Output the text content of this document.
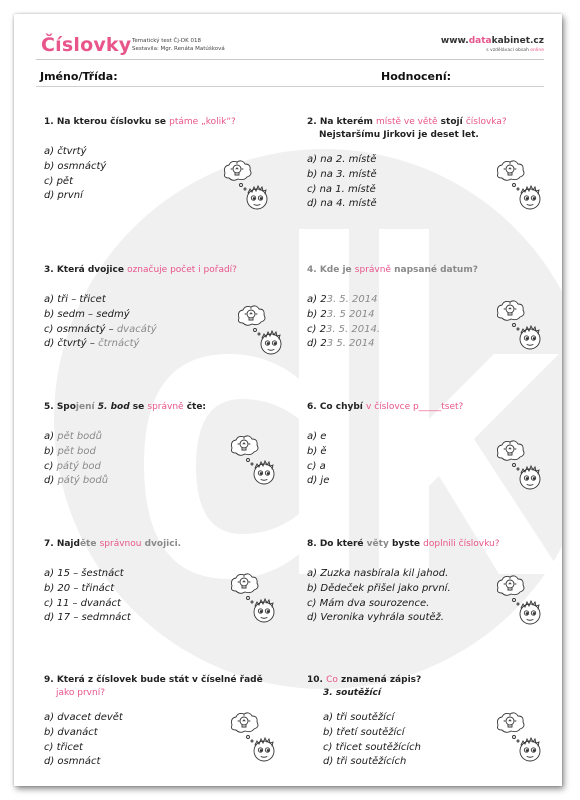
Číslovky Tematický test Čj-DK 018
Sestavila: Mgr. Renáta Matúšková
www.datakabinet.cz
s vzdělávací obsah online
Jméno/Třída:	Hodnocení:
1. Na kterou číslovku se ptáme „kolik“?
a) čtvrtý
b) osmnáctý
c) pět
d) první
2. Na kterém místě ve větě stojí číslovka?
Nejstaršímu Jirkovi je deset let.
a) na 2. místě
b) na 3. místě
c) na 1. místě
d) na 4. místě
3. Která dvojice označuje počet i pořadí?
a) tři – třicet
b) sedm – sedmý
c) osmnáctý – dvacátý
d) čtvrtý – čtrnáctý
4. Kde je správně napsané datum?
a) 23. 5. 2014
b) 23. 5 2014
c) 23. 5. 2014.
d) 23 5. 2014
5. Spojení 5. bod se správně čte:
a) pět bodů
b) pět bod
c) pátý bod
d) pátý bodů
6. Co chybí v číslovce p_____tset?
a) e
b) ě
c) a
d) je
7. Najděte správnou dvojici.
a) 15 – šestnáct
b) 20 – třináct
c) 11 – dvanáct
d) 17 – sedmnáct
8. Do které věty byste doplnili číslovku?
a) Zuzka nasbírala kil jahod.
b) Dědeček přišel jako první.
c) Mám dva sourozence.
d) Veronika vyhrála soutěž.
9. Která z číslovek bude stát v číselné řadě
jako první?
a) dvacet devět
b) dvanáct
c) třicet
d) osmnáct
10. Co znamená zápis?
3. soutěžící
a) tři soutěžící
b) třetí soutěžící
c) třicet soutěžících
d) tři soutěžících
